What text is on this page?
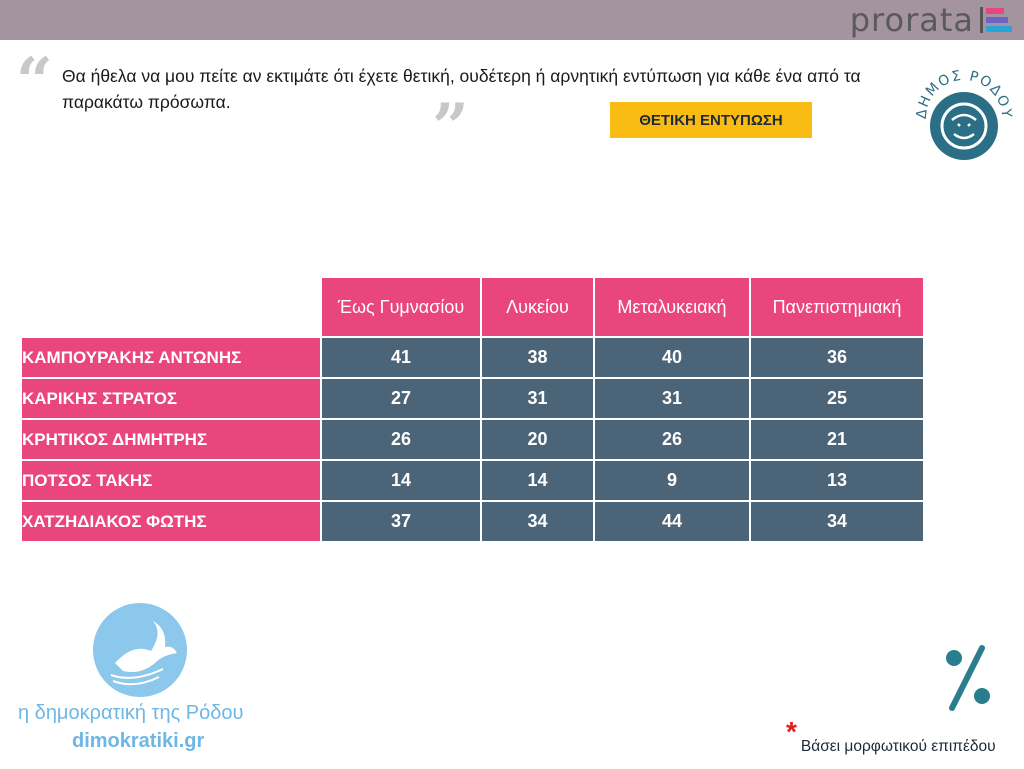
prorata
“ Θα ήθελα να μου πείτε αν εκτιμάτε ότι έχετε θετική, ουδέτερη ή αρνητική εντύπωση για κάθε ένα από τα παρακάτω πρόσωπα.	”	ΘΕΤΙΚΗ ΕΝΤΥΠΩΣΗ	ΔΗΜΟΣ ΡΟΔΟΥ
	Έως Γυμνασίου	Λυκείου	Μεταλυκειακή	Πανεπιστημιακή
ΚΑΜΠΟΥΡΑΚΗΣ ΑΝΤΩΝΗΣ	41	38	40	36
ΚΑΡΙΚΗΣ ΣΤΡΑΤΟΣ	27	31	31	25
ΚΡΗΤΙΚΟΣ ΔΗΜΗΤΡΗΣ	26	20	26	21
ΠΟΤΣΟΣ ΤΑΚΗΣ	14	14	9	13
ΧΑΤΖΗΔΙΑΚΟΣ ΦΩΤΗΣ	37	34	44	34
η δημοκρατική της Ρόδου
dimokratiki.gr	* Βάσει μορφωτικού επιπέδου
